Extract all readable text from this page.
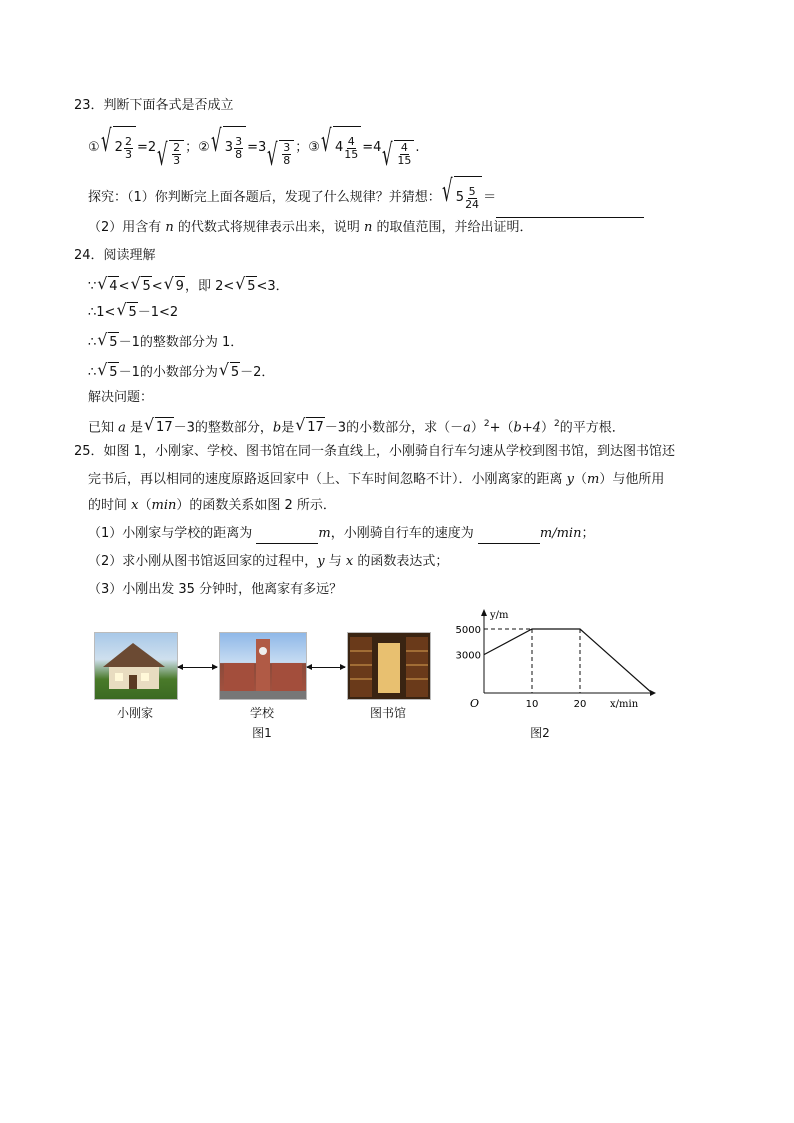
23．判断下面各式是否成立
① √ $2 \frac{2}{3} =2$ √ $\frac{2}{3}$ ；② √ $3 \frac{3}{8} =3$ √ $\frac{3}{8}$ ；③ √ $4 \frac{4}{15} =4$ √ $\frac{4}{15}$ .
探究：（1）你判断完上面各题后，发现了什么规律？并猜想： √ $5 \frac{5}{24}$ ＝
（2）用含有 n 的代数式将规律表示出来，说明 n 的取值范围，并给出证明．
24．阅读理解
∵ √ 4< √ 5< √ 9，即 2< √ 5<3．
∴1< √ 5－1<2
∴ √ 5－1的整数部分为 1．
∴ √ 5－1的小数部分为 √ 5－2．
解决问题：
已知 a 是 √ 17－3的整数部分，b是 √ 17－3的小数部分，求$(-a)^2+(b+4)^2$的平方根．
25．如图 1，小刚家、学校、图书馆在同一条直线上，小刚骑自行车匀速从学校到图书馆，到达图书馆还
完书后，再以相同的速度原路返回家中（上、下车时间忽略不计）．小刚离家的距离 y（m）与他所用
的时间 x（min）的函数关系如图 2 所示．
（1）小刚家与学校的距离为	m，小刚骑自行车的速度为	m/min；
（2）求小刚从图书馆返回家的过程中，y 与 x 的函数表达式；
（3）小刚出发 35 分钟时，他离家有多远？
小刚家	学校	图书馆
图1
y/m
x/min
O
5000
3000
10	20
图2
